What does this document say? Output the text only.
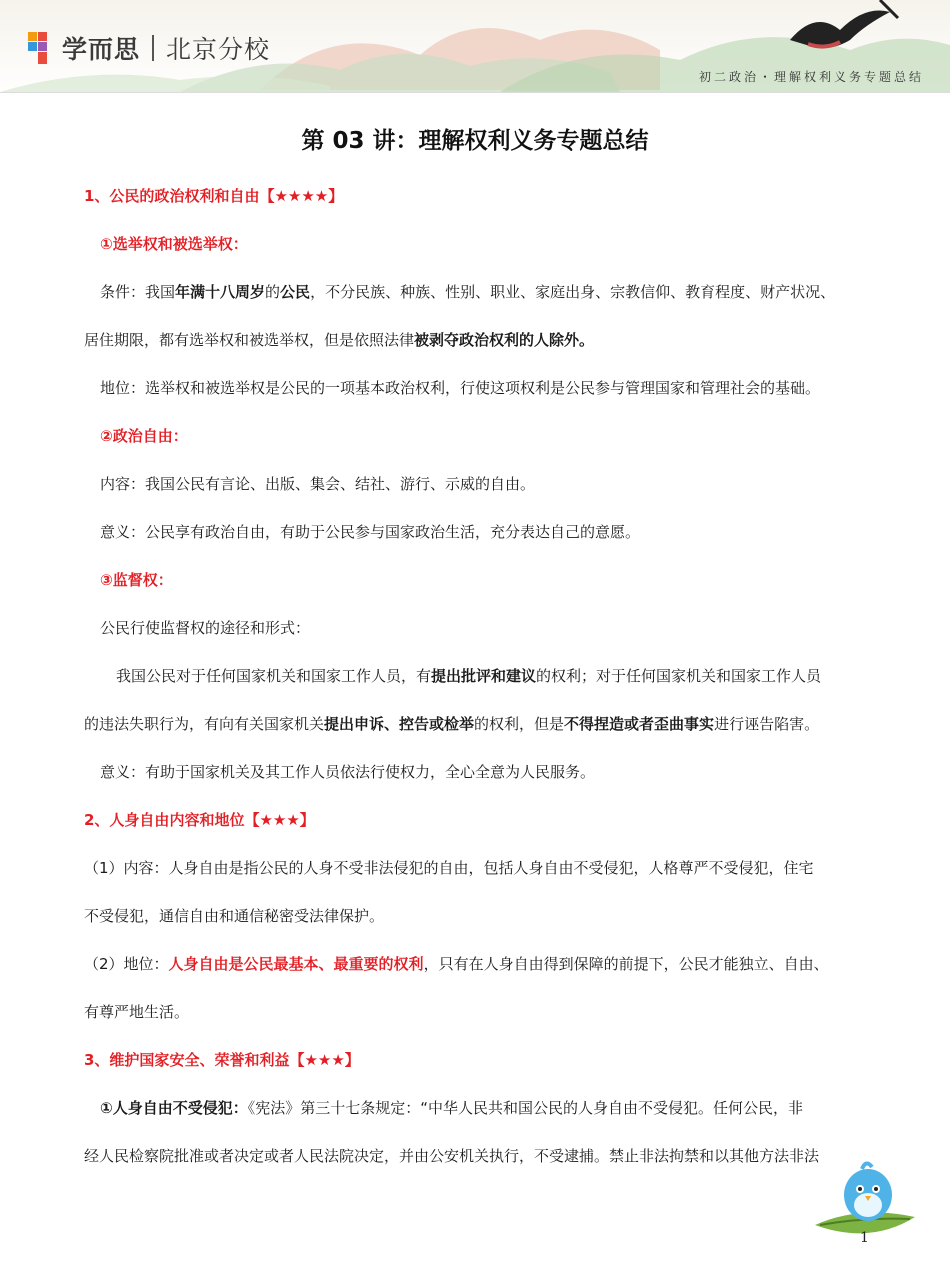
学而思 北京分校
初二政治・理解权利义务专题总结
第 03 讲：理解权利义务专题总结
1、公民的政治权利和自由【★★★★】
①选举权和被选举权：
条件：我国年满十八周岁的公民，不分民族、种族、性别、职业、家庭出身、宗教信仰、教育程度、财产状况、
居住期限，都有选举权和被选举权，但是依照法律被剥夺政治权利的人除外。
地位：选举权和被选举权是公民的一项基本政治权利，行使这项权利是公民参与管理国家和管理社会的基础。
②政治自由：
内容：我国公民有言论、出版、集会、结社、游行、示威的自由。
意义：公民享有政治自由，有助于公民参与国家政治生活，充分表达自己的意愿。
③监督权：
公民行使监督权的途径和形式：
我国公民对于任何国家机关和国家工作人员，有提出批评和建议的权利；对于任何国家机关和国家工作人员
的违法失职行为，有向有关国家机关提出申诉、控告或检举的权利，但是不得捏造或者歪曲事实进行诬告陷害。
意义：有助于国家机关及其工作人员依法行使权力，全心全意为人民服务。
2、人身自由内容和地位【★★★】
（1）内容：人身自由是指公民的人身不受非法侵犯的自由，包括人身自由不受侵犯，人格尊严不受侵犯，住宅
不受侵犯，通信自由和通信秘密受法律保护。
（2）地位：人身自由是公民最基本、最重要的权利，只有在人身自由得到保障的前提下，公民才能独立、自由、
有尊严地生活。
3、维护国家安全、荣誉和利益【★★★】
①人身自由不受侵犯：《宪法》第三十七条规定：“中华人民共和国公民的人身自由不受侵犯。任何公民，非
经人民检察院批准或者决定或者人民法院决定，并由公安机关执行，不受逮捕。禁止非法拘禁和以其他方法非法
1
